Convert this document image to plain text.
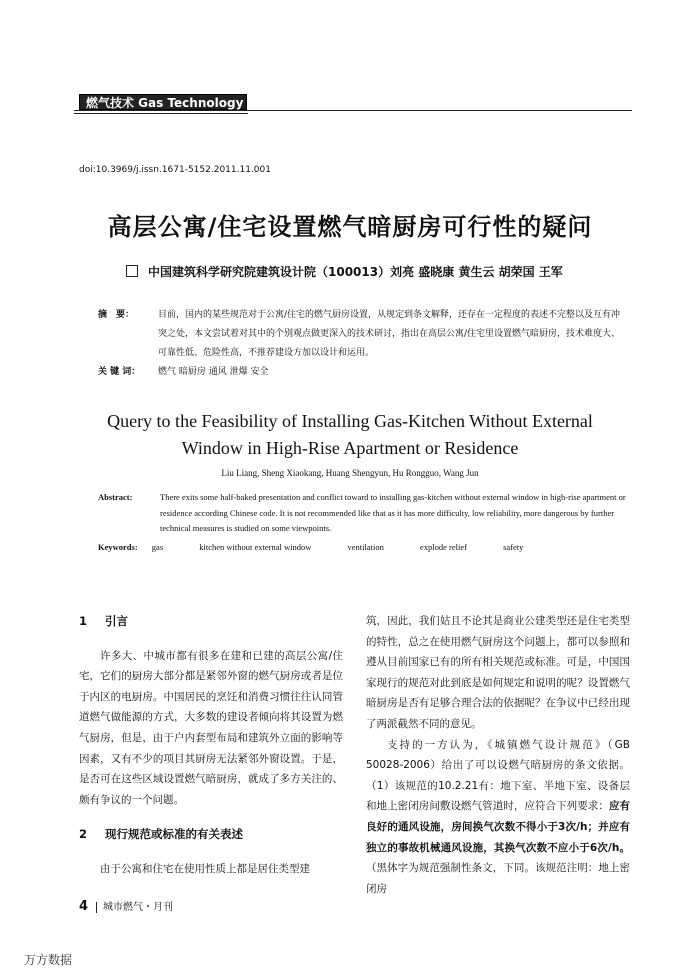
燃气技术 Gas Technology
doi:10.3969/j.issn.1671-5152.2011.11.001
高层公寓/住宅设置燃气暗厨房可行性的疑问
中国建筑科学研究院建筑设计院（100013）刘亮 盛晓康 黄生云 胡荣国 王军
摘　要：	目前，国内的某些规范对于公寓/住宅的燃气厨房设置，从规定到条文解释，还存在一定程度的表述不完整以及互有冲突之处，本文尝试着对其中的个别观点做更深入的技术研讨，指出在高层公寓/住宅里设置燃气暗厨房，技术难度大、可靠性低、危险性高，不推荐建设方加以设计和运用。
关 键 词： 燃气 暗厨房 通风 泄爆 安全
Query to the Feasibility of Installing Gas-Kitchen Without External
Window in High-Rise Apartment or Residence
Liu Liang, Sheng Xiaokang, Huang Shengyun, Hu Rongguo, Wang Jun
Abstract:	There exits some half-baked presentation and conflict toward to installing gas-kitchen without external window in high-rise apartment or residence according Chinese code. It is not recommended like that as it has more difficulty, low reliability, more dangerous by further technical measures is studied on some viewpoints.
Keywords: gas	kitchen without external window	ventilation	explode relief	safety
1 引言

许多大、中城市都有很多在建和已建的高层公寓/住宅，它们的厨房大部分都是紧邻外窗的燃气厨房或者是位于内区的电厨房。中国居民的烹饪和消费习惯往往认同管道燃气做能源的方式，大多数的建设者倾向将其设置为燃气厨房，但是，由于户内套型布局和建筑外立面的影响等因素，又有不少的项目其厨房无法紧邻外窗设置。于是，是否可在这些区域设置燃气暗厨房，就成了多方关注的、颇有争议的一个问题。

2 现行规范或标准的有关表述

由于公寓和住宅在使用性质上都是居住类型建

筑，因此，我们姑且不论其是商业公建类型还是住宅类型的特性，总之在使用燃气厨房这个问题上，都可以参照和遵从目前国家已有的所有相关规范或标准。可是，中国国家现行的规范对此到底是如何规定和说明的呢？设置燃气暗厨房是否有足够合理合法的依据呢？在争议中已经出现了两派截然不同的意见。

支持的一方认为，《城镇燃气设计规范》（GB 50028-2006）给出了可以设燃气暗厨房的条文依据。（1）该规范的10.2.21有：地下室、半地下室、设备层和地上密闭房间敷设燃气管道时，应符合下列要求：应有良好的通风设施，房间换气次数不得小于3次/h；并应有独立的事故机械通风设施，其换气次数不应小于6次/h。（黑体字为规范强制性条文，下同。该规范注明：地上密闭房

4 城市燃气・月刊
万方数据
